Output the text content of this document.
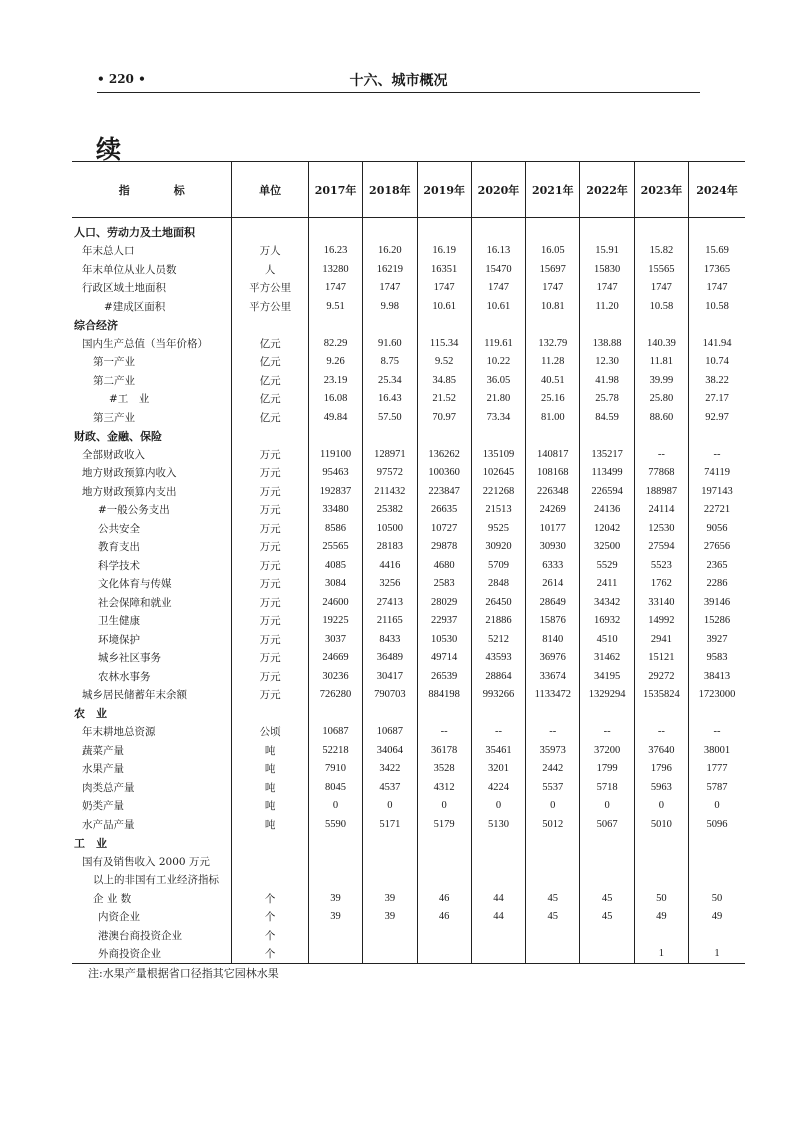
• 220 •	十六、城市概况
续
指　　　　标	单位	2017年	2018年	2019年	2020年	2021年	2022年	2023年	2024年
人口、劳动力及土地面积									
年末总人口	万人	16.23	16.20	16.19	16.13	16.05	15.91	15.82	15.69
年末单位从业人员数	人	13280	16219	16351	15470	15697	15830	15565	17365
行政区域土地面积	平方公里	1747	1747	1747	1747	1747	1747	1747	1747
#建成区面积	平方公里	9.51	9.98	10.61	10.61	10.81	11.20	10.58	10.58
综合经济									
国内生产总值（当年价格）	亿元	82.29	91.60	115.34	119.61	132.79	138.88	140.39	141.94
第一产业	亿元	9.26	8.75	9.52	10.22	11.28	12.30	11.81	10.74
第二产业	亿元	23.19	25.34	34.85	36.05	40.51	41.98	39.99	38.22
#工　业	亿元	16.08	16.43	21.52	21.80	25.16	25.78	25.80	27.17
第三产业	亿元	49.84	57.50	70.97	73.34	81.00	84.59	88.60	92.97
财政、金融、保险									
全部财政收入	万元	119100	128971	136262	135109	140817	135217	--	--
地方财政预算内收入	万元	95463	97572	100360	102645	108168	113499	77868	74119
地方财政预算内支出	万元	192837	211432	223847	221268	226348	226594	188987	197143
#一般公务支出	万元	33480	25382	26635	21513	24269	24136	24114	22721
公共安全	万元	8586	10500	10727	9525	10177	12042	12530	9056
教育支出	万元	25565	28183	29878	30920	30930	32500	27594	27656
科学技术	万元	4085	4416	4680	5709	6333	5529	5523	2365
文化体育与传媒	万元	3084	3256	2583	2848	2614	2411	1762	2286
社会保障和就业	万元	24600	27413	28029	26450	28649	34342	33140	39146
卫生健康	万元	19225	21165	22937	21886	15876	16932	14992	15286
环境保护	万元	3037	8433	10530	5212	8140	4510	2941	3927
城乡社区事务	万元	24669	36489	49714	43593	36976	31462	15121	9583
农林水事务	万元	30236	30417	26539	28864	33674	34195	29272	38413
城乡居民储蓄年末余额	万元	726280	790703	884198	993266	1133472	1329294	1535824	1723000
农　业									
年末耕地总资源	公顷	10687	10687	--	--	--	--	--	--
蔬菜产量	吨	52218	34064	36178	35461	35973	37200	37640	38001
水果产量	吨	7910	3422	3528	3201	2442	1799	1796	1777
肉类总产量	吨	8045	4537	4312	4224	5537	5718	5963	5787
奶类产量	吨	0	0	0	0	0	0	0	0
水产品产量	吨	5590	5171	5179	5130	5012	5067	5010	5096
工　业									
国有及销售收入 2000 万元									
以上的非国有工业经济指标									
企 业 数	个	39	39	46	44	45	45	50	50
内资企业	个	39	39	46	44	45	45	49	49
港澳台商投资企业	个								
外商投资企业	个							1	1
注:水果产量根据省口径指其它园林水果
